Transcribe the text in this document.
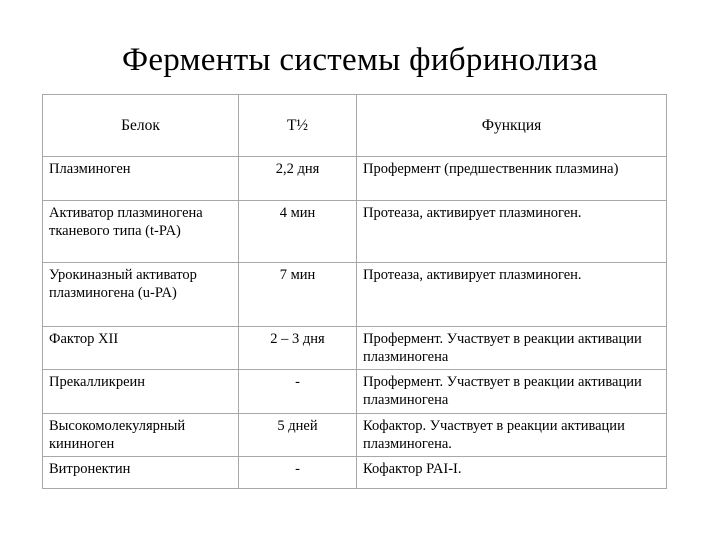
Ферменты системы фибринолиза
Белок	Т½	Функция
Плазминоген	2,2 дня	Профермент (предшественник плазмина)
Активатор плазминогена тканевого типа (t-PA)	4 мин	Протеаза, активирует плазминоген.
Урокиназный активатор плазминогена (u-PA)	7 мин	Протеаза, активирует плазминоген.
Фактор XII	2 – 3 дня	Профермент. Участвует в реакции активации плазминогена
Прекалликреин	-	Профермент. Участвует в реакции активации плазминогена
Высокомолекулярный кининоген	5 дней	Кофактор. Участвует в реакции активации плазминогена.
Витронектин	-	Кофактор PAI-I.
